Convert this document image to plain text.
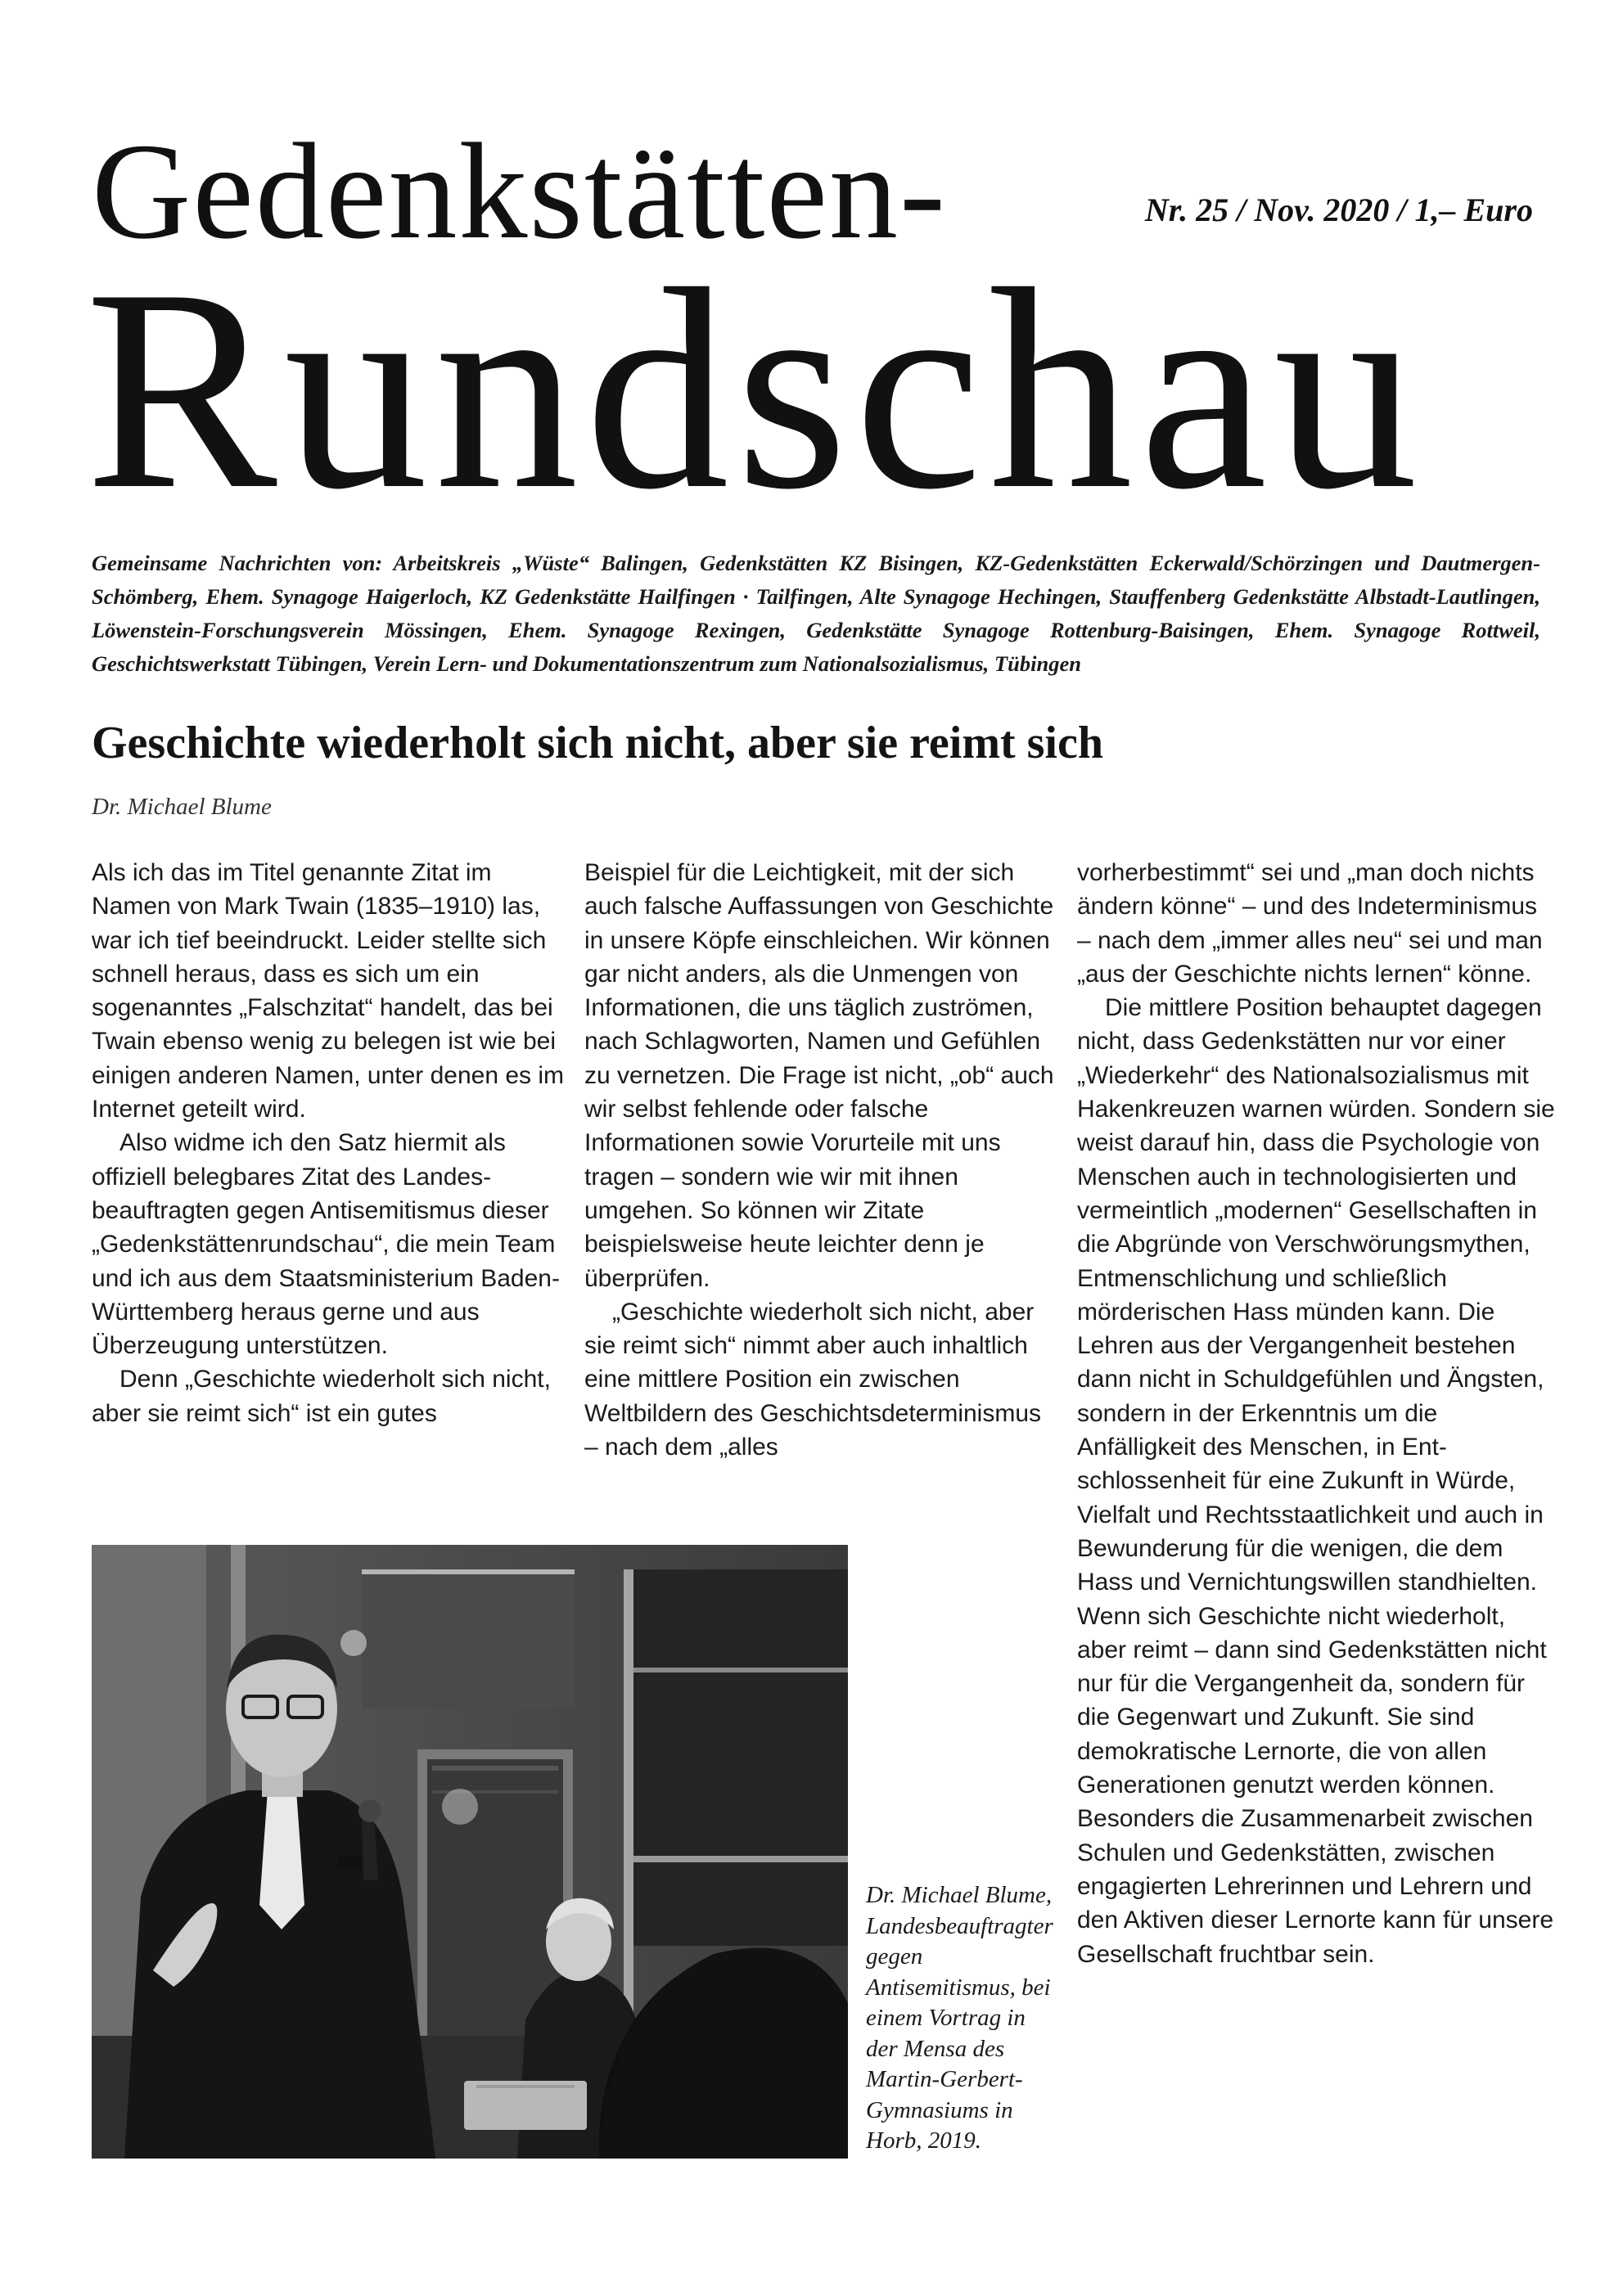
Gedenkstätten-	Nr. 25 / Nov. 2020 / 1,– Euro
Rundschau
Gemeinsame Nachrichten von: Arbeitskreis „Wüste“ Balingen, Gedenkstätten KZ Bisingen, KZ-Gedenkstätten Eckerwald/Schörzingen und Dautmergen-Schömberg, Ehem. Synagoge Haigerloch, KZ Gedenkstätte Hailfingen · Tailfingen, Alte Synagoge Hechingen, Stauffenberg Gedenkstätte Albstadt-Lautlingen, Löwenstein-Forschungsverein Mössingen, Ehem. Synagoge Rexingen, Gedenkstätte Synagoge Rottenburg-Baisingen, Ehem. Synagoge Rottweil, Geschichtswerkstatt Tübingen, Verein Lern- und Dokumentationszentrum zum Nationalsozialismus, Tübingen
Geschichte wiederholt sich nicht, aber sie reimt sich
Dr. Michael Blume

Als ich das im Titel genannte Zitat im Namen von Mark Twain (1835–1910) las, war ich tief beeindruckt. Leider stellte sich schnell heraus, dass es sich um ein sogenanntes „Falschzitat“ handelt, das bei Twain ebenso wenig zu belegen ist wie bei einigen anderen Namen, unter denen es im Internet geteilt wird.

Also widme ich den Satz hiermit als offiziell belegbares Zitat des Landesbeauftragten gegen Antisemitismus dieser „Gedenkstättenrundschau“, die mein Team und ich aus dem Staatsministerium Baden-Württemberg heraus gerne und aus Überzeugung unterstützen.

Denn „Geschichte wiederholt sich nicht, aber sie reimt sich“ ist ein gutes

Beispiel für die Leichtigkeit, mit der sich auch falsche Auffassungen von Geschichte in unsere Köpfe einschleichen. Wir können gar nicht anders, als die Unmengen von Informationen, die uns täglich zuströmen, nach Schlagworten, Namen und Gefühlen zu vernetzen. Die Frage ist nicht, „ob“ auch wir selbst fehlende oder falsche Informationen sowie Vorurteile mit uns tragen – sondern wie wir mit ihnen umgehen. So können wir Zitate beispielsweise heute leichter denn je überprüfen.

„Geschichte wiederholt sich nicht, aber sie reimt sich“ nimmt aber auch inhaltlich eine mittlere Position ein zwischen Weltbildern des Geschichtsdeterminismus – nach dem „alles

vorherbestimmt“ sei und „man doch nichts ändern könne“ – und des Indeterminismus – nach dem „immer alles neu“ sei und man „aus der Geschichte nichts lernen“ könne.

Die mittlere Position behauptet dagegen nicht, dass Gedenkstätten nur vor einer „Wiederkehr“ des Nationalsozialismus mit Hakenkreuzen warnen würden. Sondern sie weist darauf hin, dass die Psychologie von Menschen auch in technologisierten und vermeintlich „modernen“ Gesellschaften in die Abgründe von Verschwörungsmythen, Entmenschlichung und schließlich mörderischen Hass münden kann. Die Lehren aus der Vergangenheit bestehen dann nicht in Schuldgefühlen und Ängsten, sondern in der Erkenntnis um die Anfälligkeit des Menschen, in Entschlossenheit für eine Zukunft in Würde, Vielfalt und Rechtsstaatlichkeit und auch in Bewunderung für die wenigen, die dem Hass und Vernichtungswillen standhielten. Wenn sich Geschichte nicht wiederholt, aber reimt – dann sind Gedenkstätten nicht nur für die Vergangenheit da, sondern für die Gegenwart und Zukunft. Sie sind demokratische Lernorte, die von allen Generationen genutzt werden können. Besonders die Zusammenarbeit zwischen Schulen und Gedenkstätten, zwischen engagierten Lehrerinnen und Lehrern und den Aktiven dieser Lernorte kann für unsere Gesellschaft fruchtbar sein.

Dr. Michael Blume, Landesbeauftragter gegen Antisemitismus, bei einem Vortrag in der Mensa des Martin-Gerbert-Gymnasiums in Horb, 2019.
